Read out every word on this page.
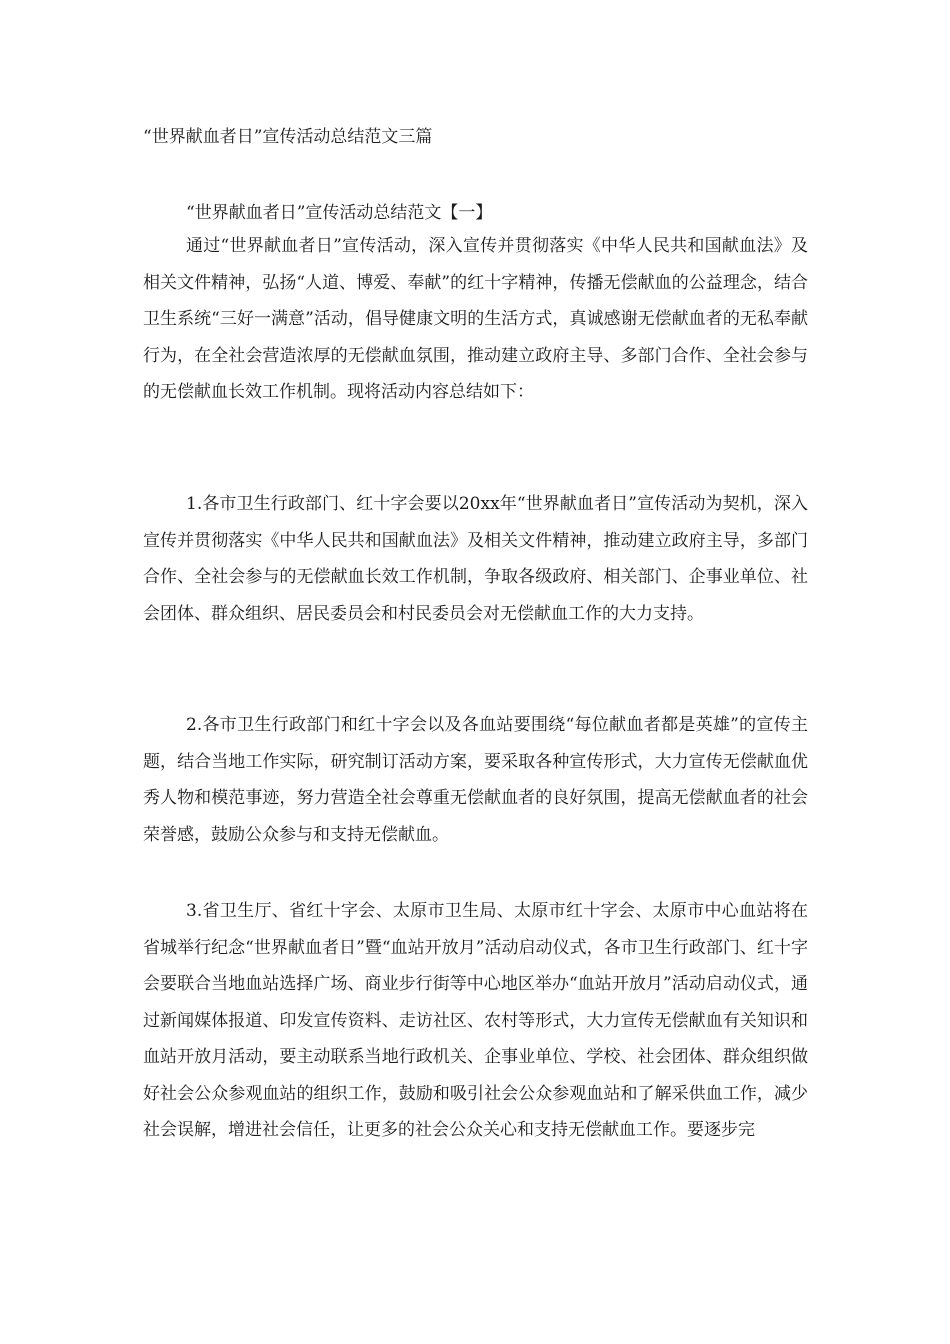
“世界献血者日”宣传活动总结范文三篇
“世界献血者日”宣传活动总结范文【一】

通过“世界献血者日”宣传活动，深入宣传并贯彻落实《中华人民共和国献血法》及相关文件精神，弘扬“人道、博爱、奉献”的红十字精神，传播无偿献血的公益理念，结合卫生系统“三好一满意”活动，倡导健康文明的生活方式，真诚感谢无偿献血者的无私奉献行为，在全社会营造浓厚的无偿献血氛围，推动建立政府主导、多部门合作、全社会参与的无偿献血长效工作机制。现将活动内容总结如下：

1.各市卫生行政部门、红十字会要以20xx年“世界献血者日”宣传活动为契机，深入宣传并贯彻落实《中华人民共和国献血法》及相关文件精神，推动建立政府主导，多部门合作、全社会参与的无偿献血长效工作机制，争取各级政府、相关部门、企事业单位、社会团体、群众组织、居民委员会和村民委员会对无偿献血工作的大力支持。

2.各市卫生行政部门和红十字会以及各血站要围绕“每位献血者都是英雄”的宣传主题，结合当地工作实际，研究制订活动方案，要采取各种宣传形式，大力宣传无偿献血优秀人物和模范事迹，努力营造全社会尊重无偿献血者的良好氛围，提高无偿献血者的社会荣誉感，鼓励公众参与和支持无偿献血。

3.省卫生厅、省红十字会、太原市卫生局、太原市红十字会、太原市中心血站将在省城举行纪念“世界献血者日”暨“血站开放月”活动启动仪式，各市卫生行政部门、红十字会要联合当地血站选择广场、商业步行街等中心地区举办“血站开放月”活动启动仪式，通过新闻媒体报道、印发宣传资料、走访社区、农村等形式，大力宣传无偿献血有关知识和血站开放月活动，要主动联系当地行政机关、企事业单位、学校、社会团体、群众组织做好社会公众参观血站的组织工作，鼓励和吸引社会公众参观血站和了解采供血工作，减少社会误解，增进社会信任，让更多的社会公众关心和支持无偿献血工作。要逐步完
